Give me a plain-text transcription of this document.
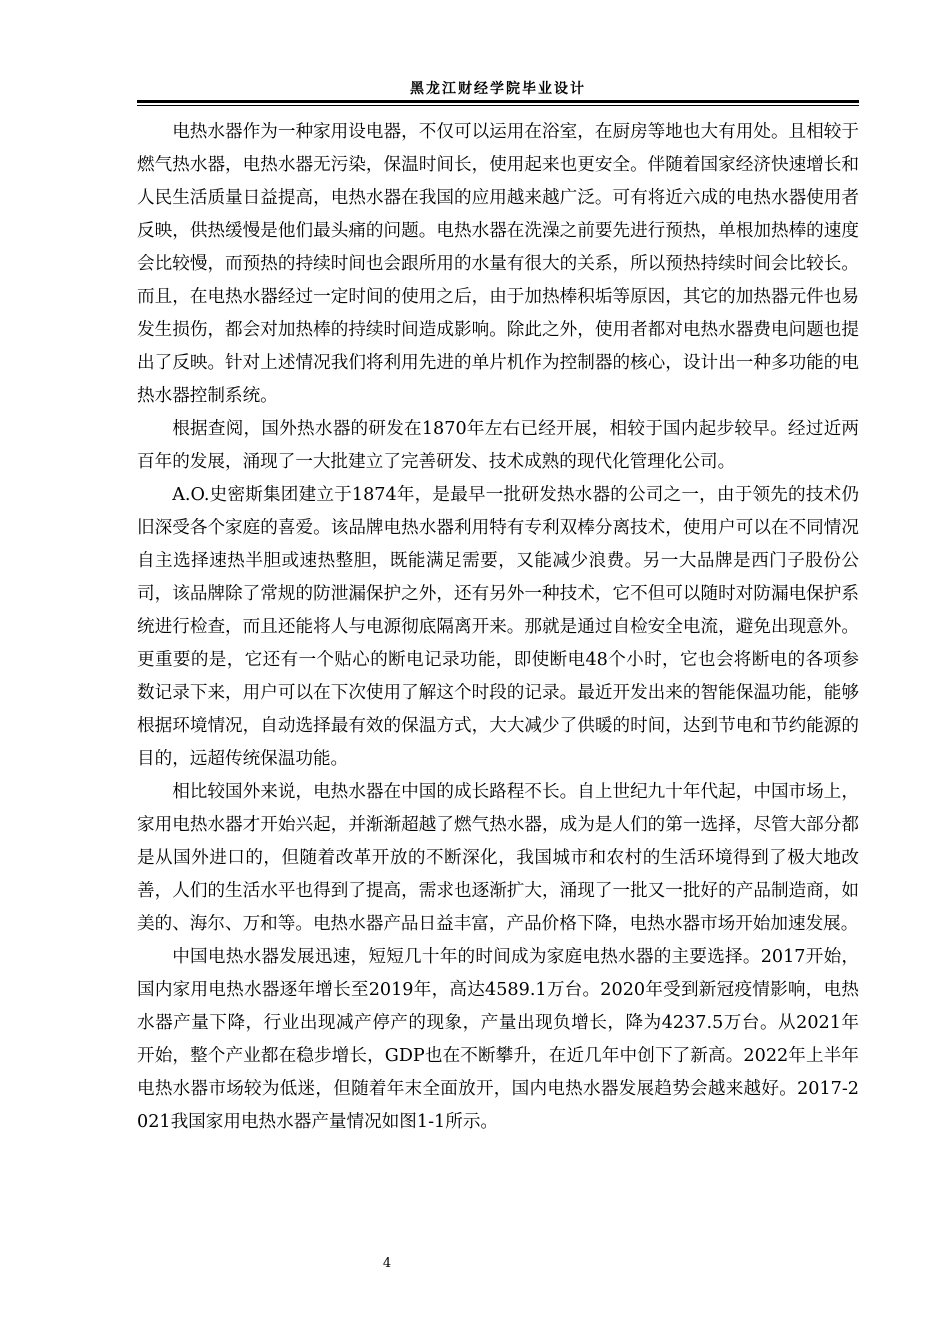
黑龙江财经学院毕业设计

电热水器作为一种家用设电器，不仅可以运用在浴室，在厨房等地也大有用处。且相较于燃气热水器，电热水器无污染，保温时间长，使用起来也更安全。伴随着国家经济快速增长和人民生活质量日益提高，电热水器在我国的应用越来越广泛。可有将近六成的电热水器使用者反映，供热缓慢是他们最头痛的问题。电热水器在洗澡之前要先进行预热，单根加热棒的速度会比较慢，而预热的持续时间也会跟所用的水量有很大的关系，所以预热持续时间会比较长。而且，在电热水器经过一定时间的使用之后，由于加热棒积垢等原因，其它的加热器元件也易发生损伤，都会对加热棒的持续时间造成影响。除此之外，使用者都对电热水器费电问题也提出了反映。针对上述情况我们将利用先进的单片机作为控制器的核心，设计出一种多功能的电热水器控制系统。

根据查阅，国外热水器的研发在1870年左右已经开展，相较于国内起步较早。经过近两百年的发展，涌现了一大批建立了完善研发、技术成熟的现代化管理化公司。

A.O.史密斯集团建立于1874年，是最早一批研发热水器的公司之一，由于领先的技术仍旧深受各个家庭的喜爱。该品牌电热水器利用特有专利双棒分离技术，使用户可以在不同情况自主选择速热半胆或速热整胆，既能满足需要，又能减少浪费。另一大品牌是西门子股份公司，该品牌除了常规的防泄漏保护之外，还有另外一种技术，它不但可以随时对防漏电保护系统进行检查，而且还能将人与电源彻底隔离开来。那就是通过自检安全电流，避免出现意外。更重要的是，它还有一个贴心的断电记录功能，即使断电48个小时，它也会将断电的各项参数记录下来，用户可以在下次使用了解这个时段的记录。最近开发出来的智能保温功能，能够根据环境情况，自动选择最有效的保温方式，大大减少了供暖的时间，达到节电和节约能源的目的，远超传统保温功能。

相比较国外来说，电热水器在中国的成长路程不长。自上世纪九十年代起，中国市场上，家用电热水器才开始兴起，并渐渐超越了燃气热水器，成为是人们的第一选择，尽管大部分都是从国外进口的，但随着改革开放的不断深化，我国城市和农村的生活环境得到了极大地改善，人们的生活水平也得到了提高，需求也逐渐扩大，涌现了一批又一批好的产品制造商，如美的、海尔、万和等。电热水器产品日益丰富，产品价格下降，电热水器市场开始加速发展。

中国电热水器发展迅速，短短几十年的时间成为家庭电热水器的主要选择。2017开始，国内家用电热水器逐年增长至2019年，高达4589.1万台。2020年受到新冠疫情影响，电热水器产量下降，行业出现减产停产的现象，产量出现负增长，降为4237.5万台。从2021年开始，整个产业都在稳步增长，GDP也在不断攀升，在近几年中创下了新高。2022年上半年电热水器市场较为低迷，但随着年末全面放开，国内电热水器发展趋势会越来越好。2017-2021我国家用电热水器产量情况如图1-1所示。

4
